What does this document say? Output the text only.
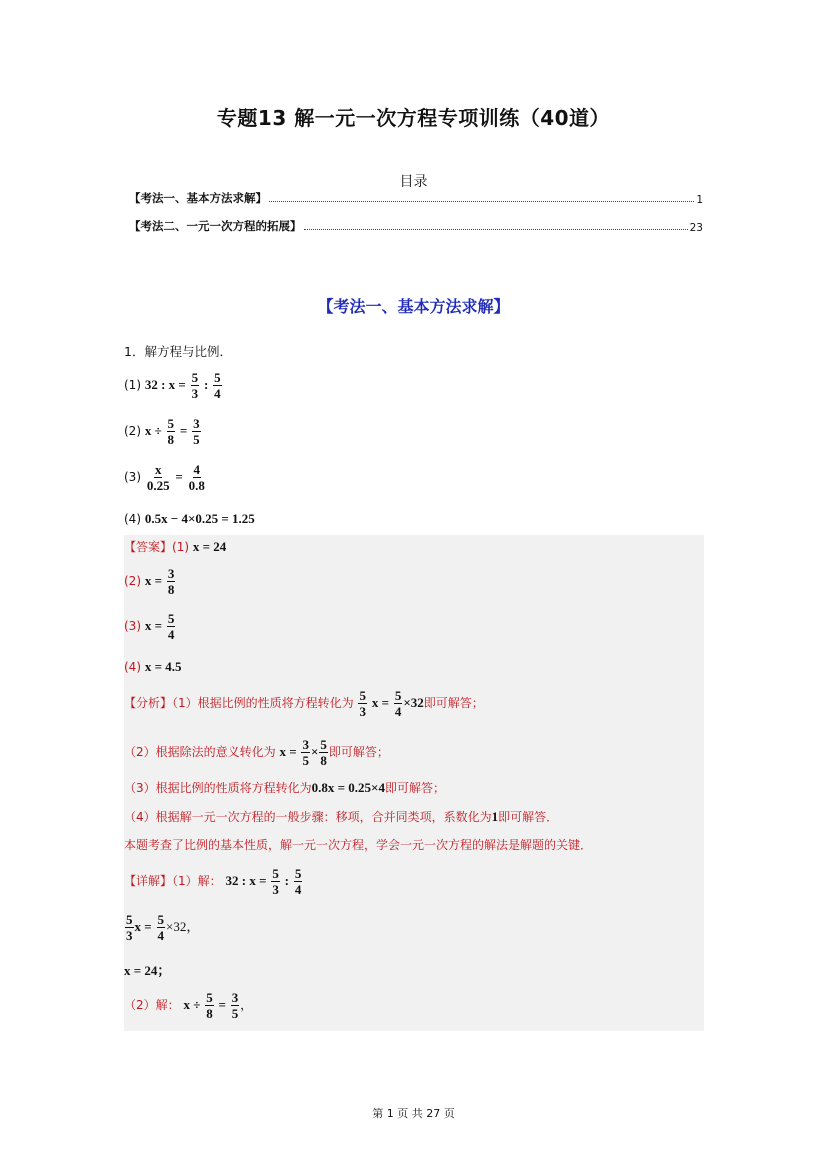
专题13 解一元一次方程专项训练（40道）
目录
【考法一、基本方法求解】	1
【考法二、一元一次方程的拓展】	23
【考法一、基本方法求解】
1．解方程与比例．
(1) 32 : $x = \frac{5}{3}$ : $\frac{5}{4}$
(2) $x \div \frac{5}{8} = \frac{3}{5}$
$(3) \frac{x}{0.25} = \frac{4}{0.8}$
(4) 0.5x − 4×0.25 = 1.25
【答案】(1) x = 24
(2) $x = \frac{3}{8}$
(3) $x = \frac{5}{4}$
(4) x = 4.5
【分析】（1）根据比例的性质将方程转化为 $\frac{5}{3}$ $x = \frac{5}{4} \times 32$即可解答；
（2）根据除法的意义转化为 $x = \frac{3}{5} \times \frac{5}{8}$ 即可解答；
（3）根据比例的性质将方程转化为0.8x = 0.25×4即可解答；
（4）根据解一元一次方程的一般步骤：移项，合并同类项，系数化为1即可解答．
本题考查了比例的基本性质，解一元一次方程，学会一元一次方程的解法是解题的关键．
【详解】（1）解： 32 : $x = \frac{5}{3}$ : $\frac{5}{4}$
$\frac{5}{3}$ $x = \frac{5}{4} \times 32$，
x = 24；
（2）解： $x \div \frac{5}{8} = \frac{3}{5}$ ，
第 1 页 共 27 页
